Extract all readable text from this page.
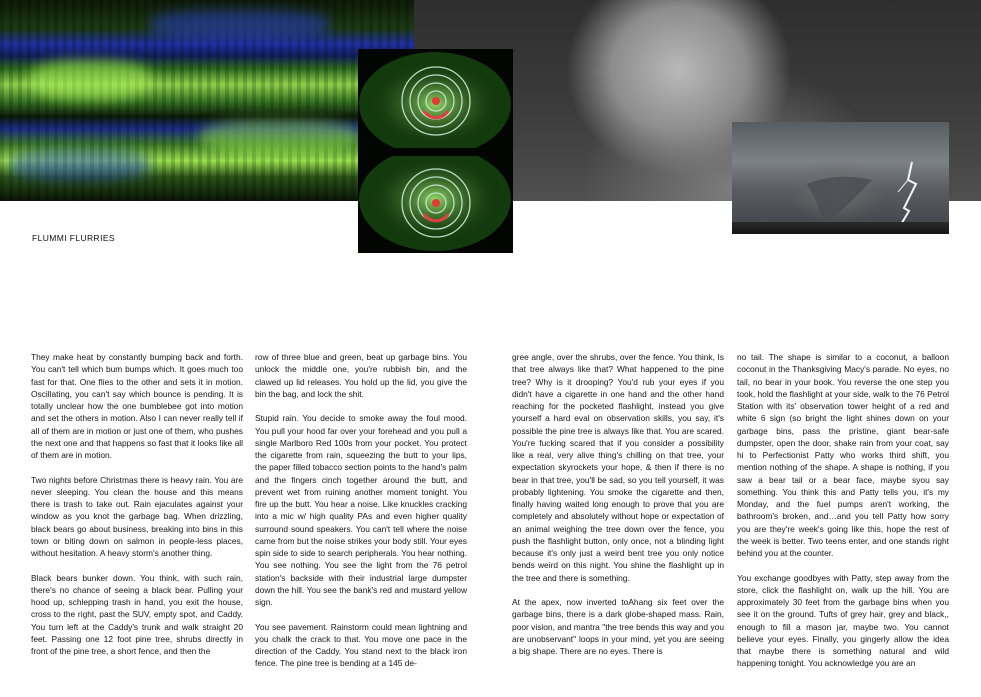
FLUMMI FLURRIES

They make heat by constantly bumping back and forth. You can't tell which bum bumps which. It goes much too fast for that. One flies to the other and sets it in motion. Oscillating, you can't say which bounce is pending. It is totally unclear how the one bumblebee got into motion and set the others in motion. Also I can never really tell if all of them are in motion or just one of them, who pushes the next one and that happens so fast that it looks like all of them are in motion.

Two nights before Christmas there is heavy rain. You are never sleeping. You clean the house and this means there is trash to take out. Rain ejaculates against your window as you knot the garbage bag. When drizzling, black bears go about business, breaking into bins in this town or biting down on salmon in people-less places, without hesitation. A heavy storm's another thing.

Black bears bunker down. You think, with such rain, there's no chance of seeing a black bear. Pulling your hood up, schlepping trash in hand, you exit the house, cross to the right, past the SUV, empty spot, and Caddy. You turn left at the Caddy's trunk and walk straight 20 feet. Passing one 12 foot pine tree, shrubs directly in front of the pine tree, a short fence, and then the

row of three blue and green, beat up garbage bins. You unlock the middle one, you're rubbish bin, and the clawed up lid releases. You hold up the lid, you give the bin the bag, and lock the shit.

Stupid rain. You decide to smoke away the foul mood. You pull your hood far over your forehead and you pull a single Marlboro Red 100s from your pocket. You protect the cigarette from rain, squeezing the butt to your lips, the paper filled tobacco section points to the hand's palm and the fingers cinch together around the butt, and prevent wet from ruining another moment tonight. You fire up the butt. You hear a noise. Like knuckles cracking into a mic w/ high quality PAs and even higher quality surround sound speakers. You can't tell where the noise came from but the noise strikes your body still. Your eyes spin side to side to search peripherals. You hear nothing. You see nothing. You see the light from the 76 petrol station's backside with their industrial large dumpster down the hill. You see the bank's red and mustard yellow sign.

You see pavement. Rainstorm could mean lightning and you chalk the crack to that. You move one pace in the direction of the Caddy. You stand next to the black iron fence. The pine tree is bending at a 145 de-

gree angle, over the shrubs, over the fence. You think, Is that tree always like that? What happened to the pine tree? Why is it drooping? You'd rub your eyes if you didn't have a cigarette in one hand and the other hand reaching for the pocketed flashlight, instead you give yourself a hard eval on observation skills, you say, it's possible the pine tree is always like that. You are scared. You're fucking scared that if you consider a possibility like a real, very alive thing's chilling on that tree, your expectation skyrockets your hope, & then if there is no bear in that tree, you'll be sad, so you tell yourself, it was probably lightening. You smoke the cigarette and then, finally having waited long enough to prove that you are completely and absolutely without hope or expectation of an animal weighing the tree down over the fence, you push the flashlight button, only once, not a blinding light because it's only just a weird bent tree you only notice bends weird on this night. You shine the flashlight up in the tree and there is something.

At the apex, now inverted toAhang six feet over the garbage bins, there is a dark globe-shaped mass. Rain, poor vision, and mantra "the tree bends this way and you are unobservant" loops in your mind, yet you are seeing a big shape. There are no eyes. There is

no tail. The shape is similar to a coconut, a balloon coconut in the Thanksgiving Macy's parade. No eyes, no tail, no bear in your book. You reverse the one step you took, hold the flashlight at your side, walk to the 76 Petrol Station with its' observation tower height of a red and white 6 sign (so bright the light shines down on your garbage bins, pass the pristine, giant bear-safe dumpster, open the door, shake rain from your coat, say hi to Perfectionist Patty who works third shift, you mention nothing of the shape. A shape is nothing, if you saw a bear tail or a bear face, maybe syou say something. You think this and Patty tells you, it's my Monday, and the fuel pumps aren't working, the bathroom's broken, and…and you tell Patty how sorry you are they're week's going like this, hope the rest of the week is better. Two teens enter, and one stands right behind you at the counter.

You exchange goodbyes with Patty, step away from the store, click the flashlight on, walk up the hill. You are approximately 30 feet from the garbage bins when you see it on the ground. Tufts of grey hair, grey and black,, enough to fill a mason jar, maybe two. You cannot believe your eyes. Finally, you gingerly allow the idea that maybe there is something natural and wild happening tonight. You acknowledge you are an
